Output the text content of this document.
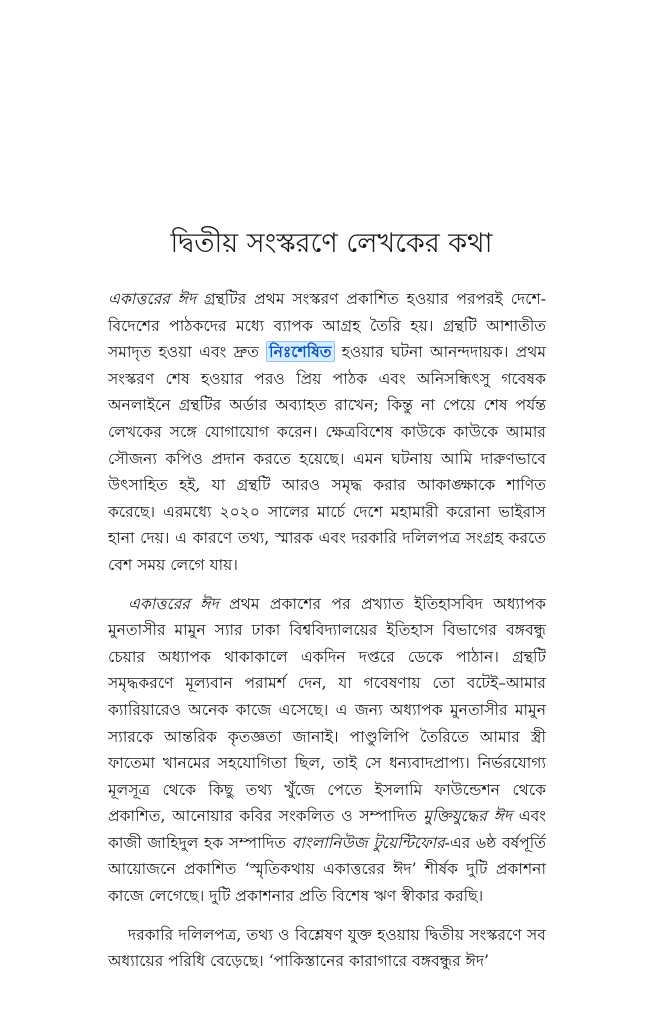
দ্বিতীয় সংস্করণে লেখকের কথা

একাত্তরের ঈদ গ্রন্থটির প্রথম সংস্করণ প্রকাশিত হওয়ার পরপরই দেশে-বিদেশের পাঠকদের মধ্যে ব্যাপক আগ্রহ তৈরি হয়। গ্রন্থটি আশাতীত সমাদৃত হওয়া এবং দ্রুত নিঃশেষিত হওয়ার ঘটনা আনন্দদায়ক। প্রথম সংস্করণ শেষ হওয়ার পরও প্রিয় পাঠক এবং অনিসন্ধিৎসু গবেষক অনলাইনে গ্রন্থটির অর্ডার অব্যাহত রাখেন; কিন্তু না পেয়ে শেষ পর্যন্ত লেখকের সঙ্গে যোগাযোগ করেন। ক্ষেত্রবিশেষ কাউকে কাউকে আমার সৌজন্য কপিও প্রদান করতে হয়েছে। এমন ঘটনায় আমি দারুণভাবে উৎসাহিত হই, যা গ্রন্থটি আরও সমৃদ্ধ করার আকাঙ্ক্ষাকে শাণিত করেছে। এরমধ্যে ২০২০ সালের মার্চে দেশে মহামারী করোনা ভাইরাস হানা দেয়। এ কারণে তথ্য, স্মারক এবং দরকারি দলিলপত্র সংগ্রহ করতে বেশ সময় লেগে যায়।

একাত্তরের ঈদ প্রথম প্রকাশের পর প্রখ্যাত ইতিহাসবিদ অধ্যাপক মুনতাসীর মামুন স্যার ঢাকা বিশ্ববিদ্যালয়ের ইতিহাস বিভাগের বঙ্গবন্ধু চেয়ার অধ্যাপক থাকাকালে একদিন দপ্তরে ডেকে পাঠান। গ্রন্থটি সমৃদ্ধকরণে মূল্যবান পরামর্শ দেন, যা গবেষণায় তো বটেই–আমার ক্যারিয়ারেও অনেক কাজে এসেছে। এ জন্য অধ্যাপক মুনতাসীর মামুন স্যারকে আন্তরিক কৃতজ্ঞতা জানাই। পাণ্ডুলিপি তৈরিতে আমার স্ত্রী ফাতেমা খানমের সহযোগিতা ছিল, তাই সে ধন্যবাদপ্রাপ্য। নির্ভরযোগ্য মূলসূত্র থেকে কিছু তথ্য খুঁজে পেতে ইসলামি ফাউন্ডেশন থেকে প্রকাশিত, আনোয়ার কবির সংকলিত ও সম্পাদিত মুক্তিযুদ্ধের ঈদ এবং কাজী জাহিদুল হক সম্পাদিত বাংলানিউজ টুয়েন্টিফোর-এর ৬ষ্ঠ বর্ষপূর্তি আয়োজনে প্রকাশিত ‘স্মৃতিকথায় একাত্তরের ঈদ’ শীর্ষক দুটি প্রকাশনা কাজে লেগেছে। দুটি প্রকাশনার প্রতি বিশেষ ঋণ স্বীকার করছি।

দরকারি দলিলপত্র, তথ্য ও বিশ্লেষণ যুক্ত হওয়ায় দ্বিতীয় সংস্করণে সব অধ্যায়ের পরিধি বেড়েছে। ‘পাকিস্তানের কারাগারে বঙ্গবন্ধুর ঈদ’
